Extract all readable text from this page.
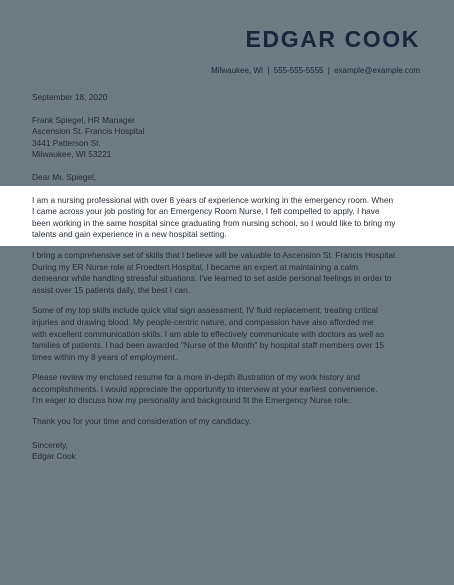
EDGAR COOK
Milwaukee, WI | 555-555-5555 | example@example.com
September 18, 2020
Frank Spiegel, HR Manager
Ascension St. Francis Hospital
3441 Patterson St.
Milwaukee, WI 53221
Dear Mr. Spiegel,
I am a nursing professional with over 8 years of experience working in the emergency room. When
I came across your job posting for an Emergency Room Nurse, I felt compelled to apply. I have
been working in the same hospital since graduating from nursing school, so I would like to bring my
talents and gain experience in a new hospital setting.
I bring a comprehensive set of skills that I believe will be valuable to Ascension St. Francis Hospital.
During my ER Nurse role at Froedtert Hospital, I became an expert at maintaining a calm
demeanor while handling stressful situations. I've learned to set aside personal feelings in order to
assist over 15 patients daily, the best I can.
Some of my top skills include quick vital sign assessment, IV fluid replacement, treating critical
injuries and drawing blood. My people-centric nature, and compassion have also afforded me
with excellent communication skills. I am able to effectively communicate with doctors as well as
families of patients. I had been awarded "Nurse of the Month" by hospital staff members over 15
times within my 8 years of employment.
Please review my enclosed resume for a more in-depth illustration of my work history and
accomplishments. I would appreciate the opportunity to interview at your earliest convenience.
I'm eager to discuss how my personality and background fit the Emergency Nurse role.
Thank you for your time and consideration of my candidacy.
Sincerely,
Edgar Cook
